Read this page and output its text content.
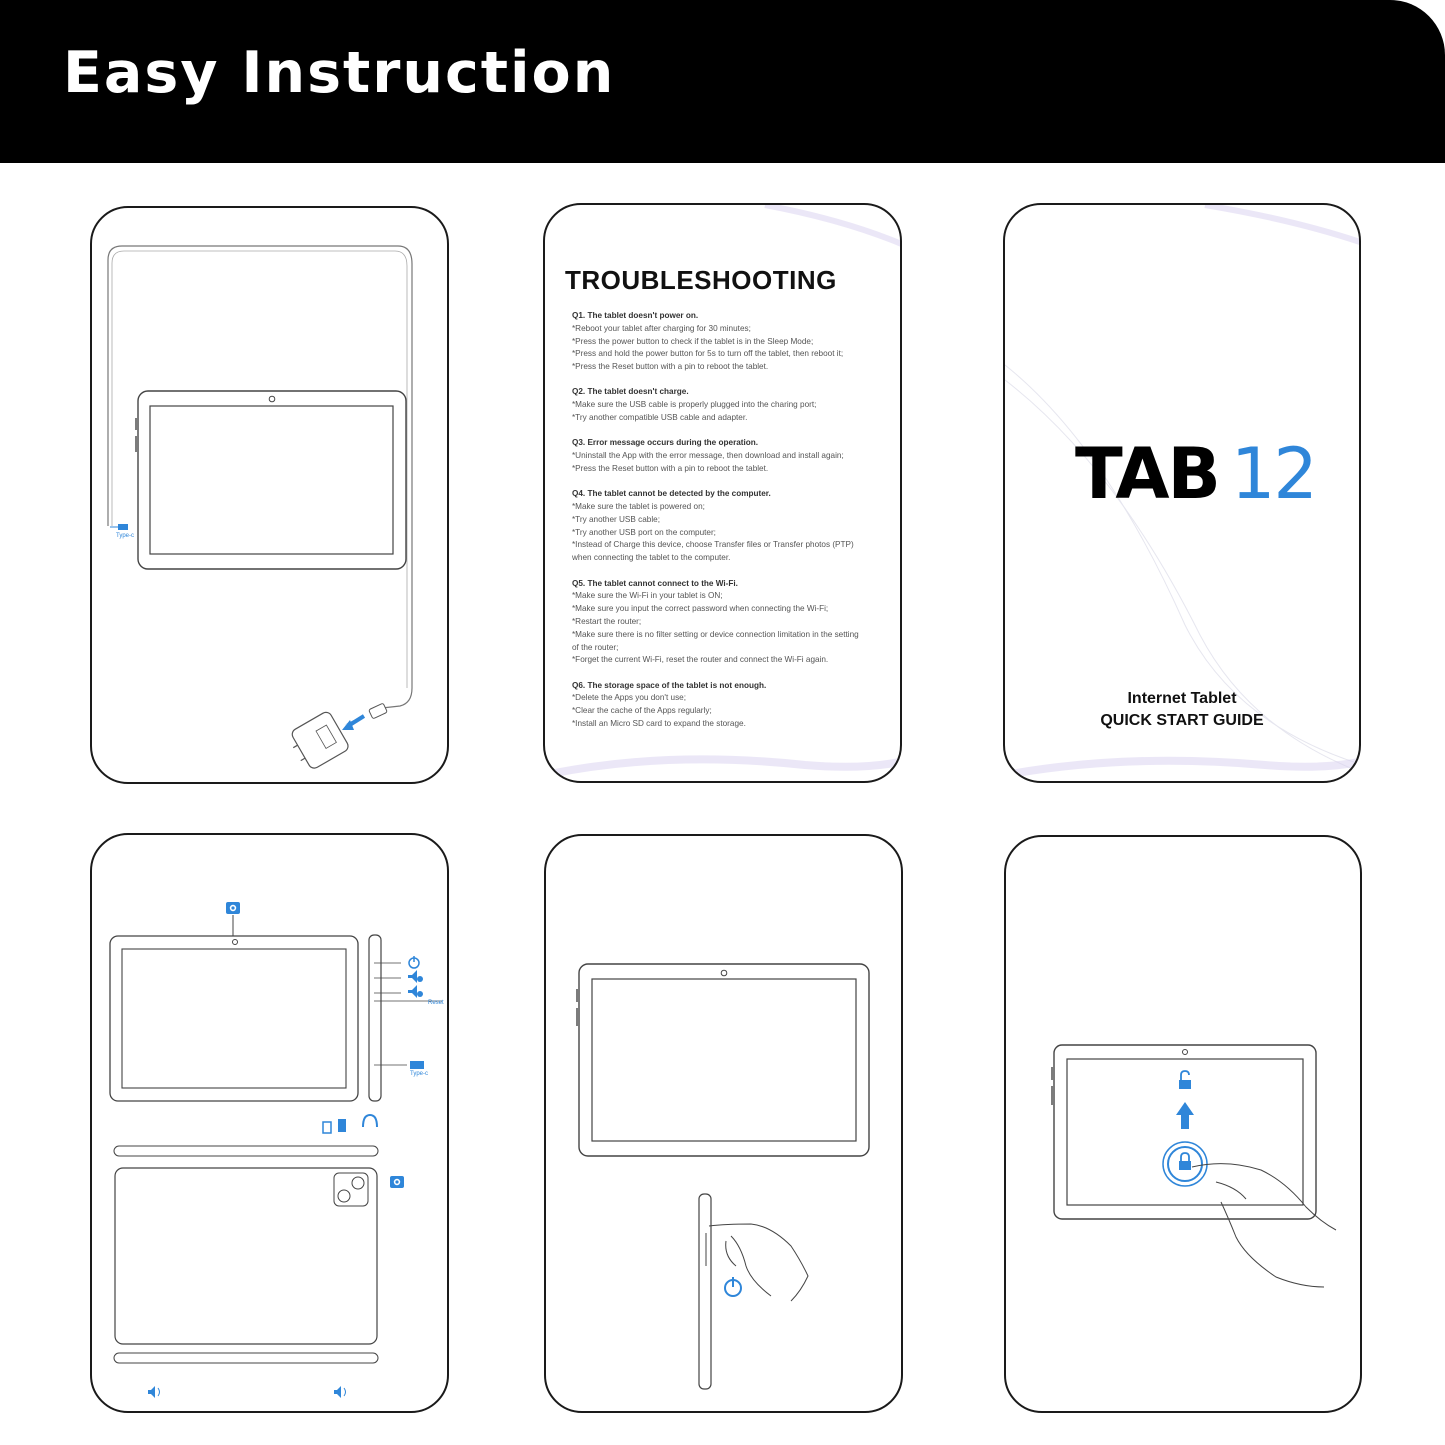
Easy Instruction
Type-c
TROUBLESHOOTING
Q1. The tablet doesn't power on.
*Reboot your tablet after charging for 30 minutes;
*Press the power button to check if the tablet is in the Sleep Mode;
*Press and hold the power button for 5s to turn off the tablet, then reboot it;
*Press the Reset button with a pin to reboot the tablet.
Q2. The tablet doesn't charge.
*Make sure the USB cable is properly plugged into the charing port;
*Try another compatible USB cable and adapter.
Q3. Error message occurs during the operation.
*Uninstall the App with the error message, then download and install again;
*Press the Reset button with a pin to reboot the tablet.
Q4. The tablet cannot be detected by the computer.
*Make sure the tablet is powered on;
*Try another USB cable;
*Try another USB port on the computer;
*Instead of Charge this device, choose Transfer files or Transfer photos (PTP)
when connecting the tablet to the computer.
Q5. The tablet cannot connect to the Wi-Fi.
*Make sure the Wi-Fi in your tablet is ON;
*Make sure you input the correct password when connecting the Wi-Fi;
*Restart the router;
*Make sure there is no filter setting or device connection limitation in the setting
of the router;
*Forget the current Wi-Fi, reset the router and connect the Wi-Fi again.
Q6. The storage space of the tablet is not enough.
*Delete the Apps you don't use;
*Clear the cache of the Apps regularly;
*Install an Micro SD card to expand the storage.
TAB 12
Internet Tablet
QUICK START GUIDE
Reset
Type-c
